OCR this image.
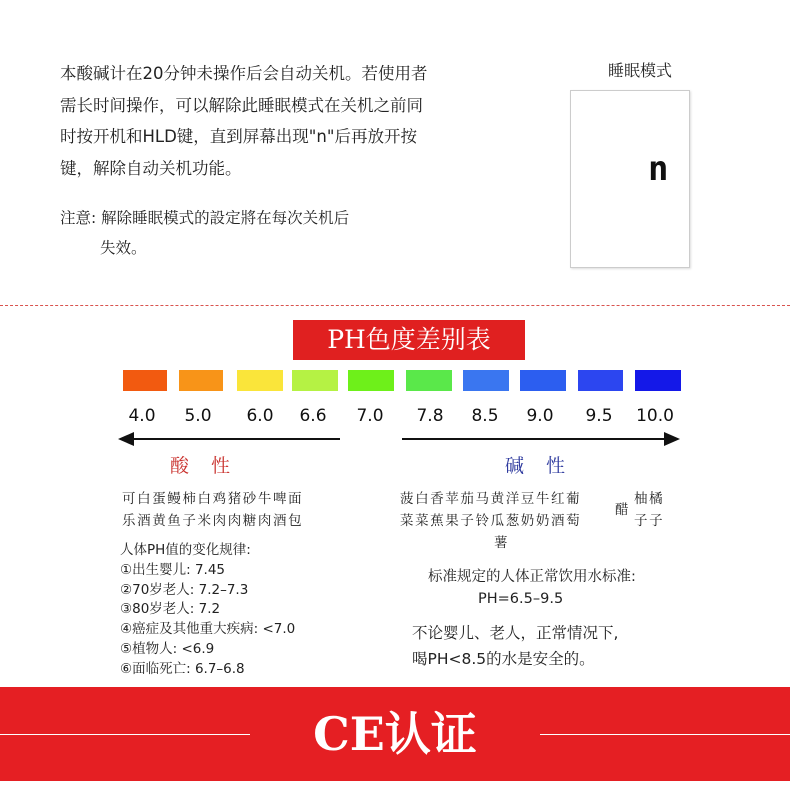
本酸碱计在20分钟未操作后会自动关机。若使用者
需长时间操作，可以解除此睡眠模式在关机之前同
时按开机和HLD键，直到屏幕出现"n"后再放开按
键，解除自动关机功能。
注意: 解除睡眠模式的設定將在每次关机后
失效。
睡眠模式
n
PH色度差别表
4.0	5.0	6.0	6.6	7.0	7.8	8.5	9.0	9.5	10.0
酸性	碱性
可白蛋鳗柿白鸡猪砂牛啤面
乐酒黄鱼子米肉肉糖肉酒包
菠白香苹茄马黄洋豆牛红葡
菜菜蕉果子铃瓜葱奶奶酒萄
薯
醋
柚橘
子子
人体PH值的变化规律:
①出生婴儿: 7.45
②70岁老人: 7.2–7.3
③80岁老人: 7.2
④癌症及其他重大疾病: <7.0
⑤植物人: <6.9
⑥面临死亡: 6.7–6.8
标准规定的人体正常饮用水标准:
PH=6.5–9.5
不论婴儿、老人，正常情况下,
喝PH<8.5的水是安全的。
CE认证
